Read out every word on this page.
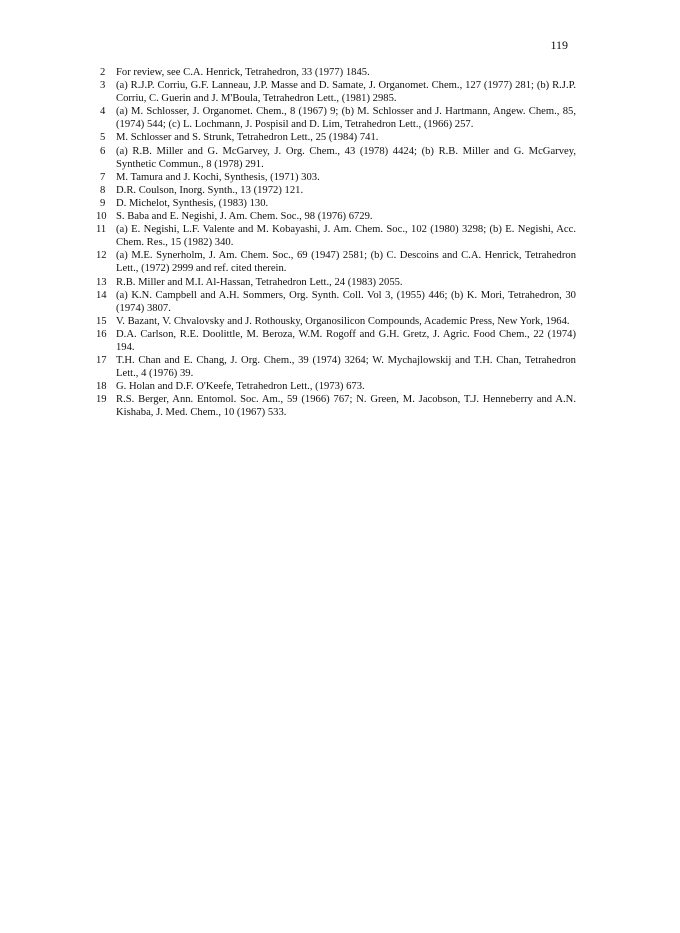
119
2	For review, see C.A. Henrick, Tetrahedron, 33 (1977) 1845.
3	(a) R.J.P. Corriu, G.F. Lanneau, J.P. Masse and D. Samate, J. Organomet. Chem., 127 (1977) 281; (b) R.J.P. Corriu, C. Guerin and J. M'Boula, Tetrahedron Lett., (1981) 2985.
4	(a) M. Schlosser, J. Organomet. Chem., 8 (1967) 9; (b) M. Schlosser and J. Hartmann, Angew. Chem., 85, (1974) 544; (c) L. Lochmann, J. Pospisil and D. Lim, Tetrahedron Lett., (1966) 257.
5	M. Schlosser and S. Strunk, Tetrahedron Lett., 25 (1984) 741.
6	(a) R.B. Miller and G. McGarvey, J. Org. Chem., 43 (1978) 4424; (b) R.B. Miller and G. McGarvey, Synthetic Commun., 8 (1978) 291.
7	M. Tamura and J. Kochi, Synthesis, (1971) 303.
8	D.R. Coulson, Inorg. Synth., 13 (1972) 121.
9	D. Michelot, Synthesis, (1983) 130.
10 S. Baba and E. Negishi, J. Am. Chem. Soc., 98 (1976) 6729.
11 (a) E. Negishi, L.F. Valente and M. Kobayashi, J. Am. Chem. Soc., 102 (1980) 3298; (b) E. Negishi, Acc. Chem. Res., 15 (1982) 340.
12 (a) M.E. Synerholm, J. Am. Chem. Soc., 69 (1947) 2581; (b) C. Descoins and C.A. Henrick, Tetrahedron Lett., (1972) 2999 and ref. cited therein.
13 R.B. Miller and M.I. Al-Hassan, Tetrahedron Lett., 24 (1983) 2055.
14 (a) K.N. Campbell and A.H. Sommers, Org. Synth. Coll. Vol 3, (1955) 446; (b) K. Mori, Tetrahedron, 30 (1974) 3807.
15 V. Bazant, V. Chvalovsky and J. Rothousky, Organosilicon Compounds, Academic Press, New York, 1964.
16 D.A. Carlson, R.E. Doolittle, M. Beroza, W.M. Rogoff and G.H. Gretz, J. Agric. Food Chem., 22 (1974) 194.
17 T.H. Chan and E. Chang, J. Org. Chem., 39 (1974) 3264; W. Mychajlowskij and T.H. Chan, Tetrahedron Lett., 4 (1976) 39.
18 G. Holan and D.F. O'Keefe, Tetrahedron Lett., (1973) 673.
19 R.S. Berger, Ann. Entomol. Soc. Am., 59 (1966) 767; N. Green, M. Jacobson, T.J. Henneberry and A.N. Kishaba, J. Med. Chem., 10 (1967) 533.
